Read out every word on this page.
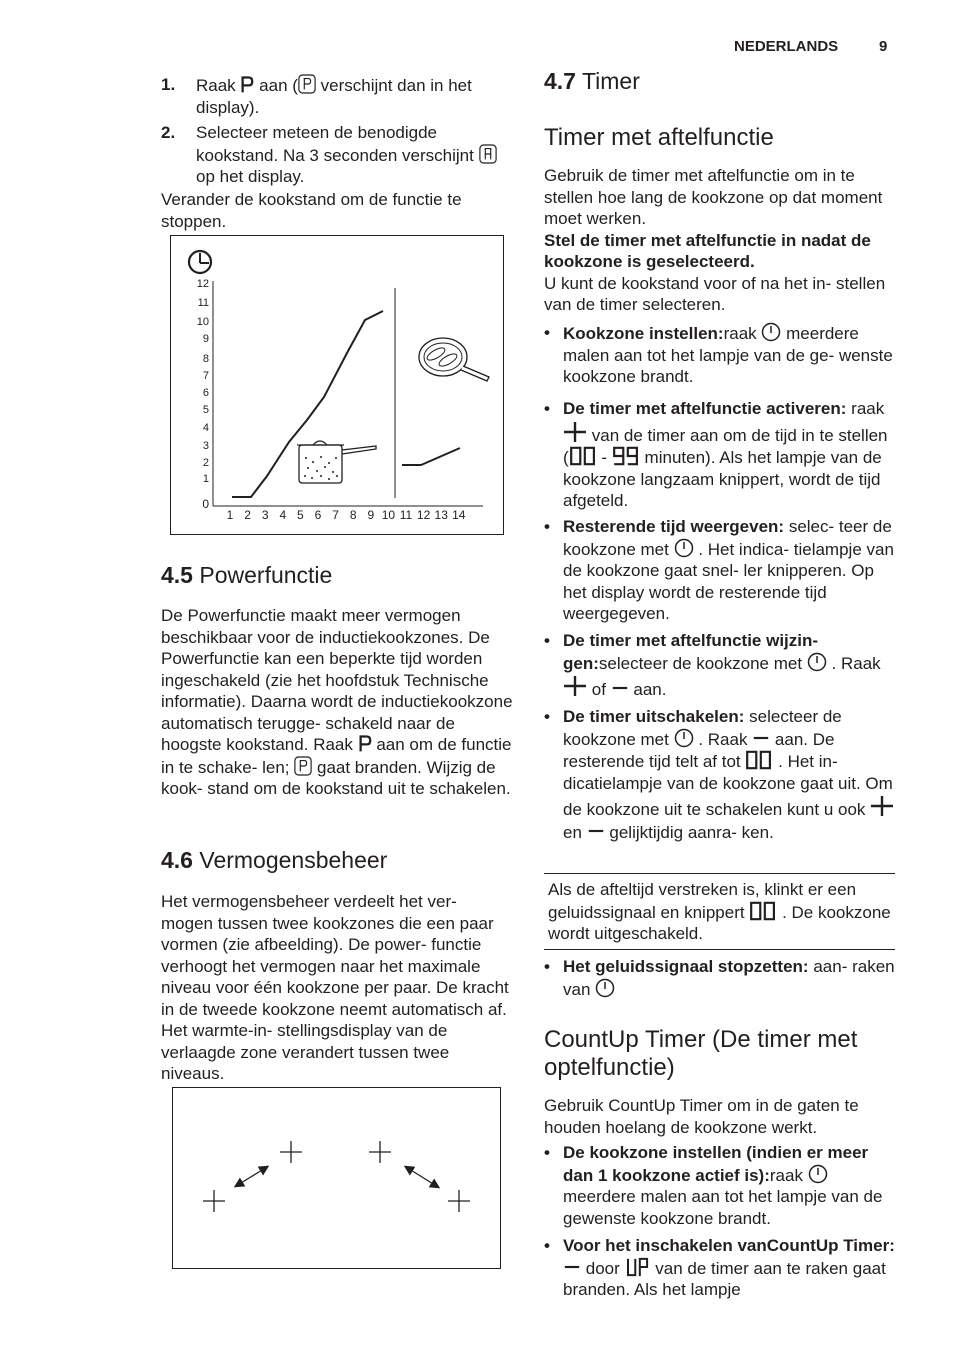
NEDERLANDS	9
1. Raak aan ( verschijnt dan in het display).
2. Selecteer meteen de benodigde kookstand. Na 3 seconden verschijnt  op het display.

Verander de kookstand om de functie te stoppen.

0
1
2
3
4
5
6
7
8
9
10
11
12
1 2 3 4 5 6 7 8 9 10 11 12 13 14
4.5 Powerfunctie

De Powerfunctie maakt meer vermogen beschikbaar voor de inductiekookzones. De Powerfunctie kan een beperkte tijd worden ingeschakeld (zie het hoofdstuk Technische informatie). Daarna wordt de inductiekookzone automatisch terugge- schakeld naar de hoogste kookstand. Raak aan om de functie in te schake- len; gaat branden. Wijzig de kook- stand om de kookstand uit te schakelen.

4.6 Vermogensbeheer

Het vermogensbeheer verdeelt het ver- mogen tussen twee kookzones die een paar vormen (zie afbeelding). De power- functie verhoogt het vermogen naar het maximale niveau voor één kookzone per paar. De kracht in de tweede kookzone neemt automatisch af. Het warmte-in- stellingsdisplay van de verlaagde zone verandert tussen twee niveaus.

4.7 Timer
Timer met aftelfunctie

Gebruik de timer met aftelfunctie om in te stellen hoe lang de kookzone op dat moment moet werken.

Stel de timer met aftelfunctie in nadat de kookzone is geselecteerd.

U kunt de kookstand voor of na het in- stellen van de timer selecteren.

• Kookzone instellen:raak meerdere malen aan tot het lampje van de ge- wenste kookzone brandt.
• De timer met aftelfunctie activeren: raak  van de timer aan om de tijd in te stellen ( - minuten). Als het lampje van de kookzone langzaam knippert, wordt de tijd afgeteld.
• Resterende tijd weergeven: selec- teer de kookzone met . Het indica- tielampje van de kookzone gaat snel- ler knipperen. Op het display wordt de resterende tijd weergegeven.
• De timer met aftelfunctie wijzin- gen:selecteer de kookzone met . Raak  of aan.
• De timer uitschakelen: selecteer de kookzone met . Raak aan. De resterende tijd telt af tot . Het in- dicatielampje van de kookzone gaat uit. Om de kookzone uit te schakelen kunt u ook  en gelijktijdig aanra- ken.
Als de afteltijd verstreken is, klinkt er een geluidssignaal en knippert . De kookzone wordt uitgeschakeld.
• Het geluidssignaal stopzetten: aan- raken van
CountUp Timer (De timer met optelfunctie)

Gebruik CountUp Timer om in de gaten te houden hoelang de kookzone werkt.

• De kookzone instellen (indien er meer dan 1 kookzone actief is):raak  meerdere malen aan tot het lampje van de gewenste kookzone brandt.
• Voor het inschakelen vanCountUp Timer:  door van de timer aan te raken gaat branden. Als het lampje
